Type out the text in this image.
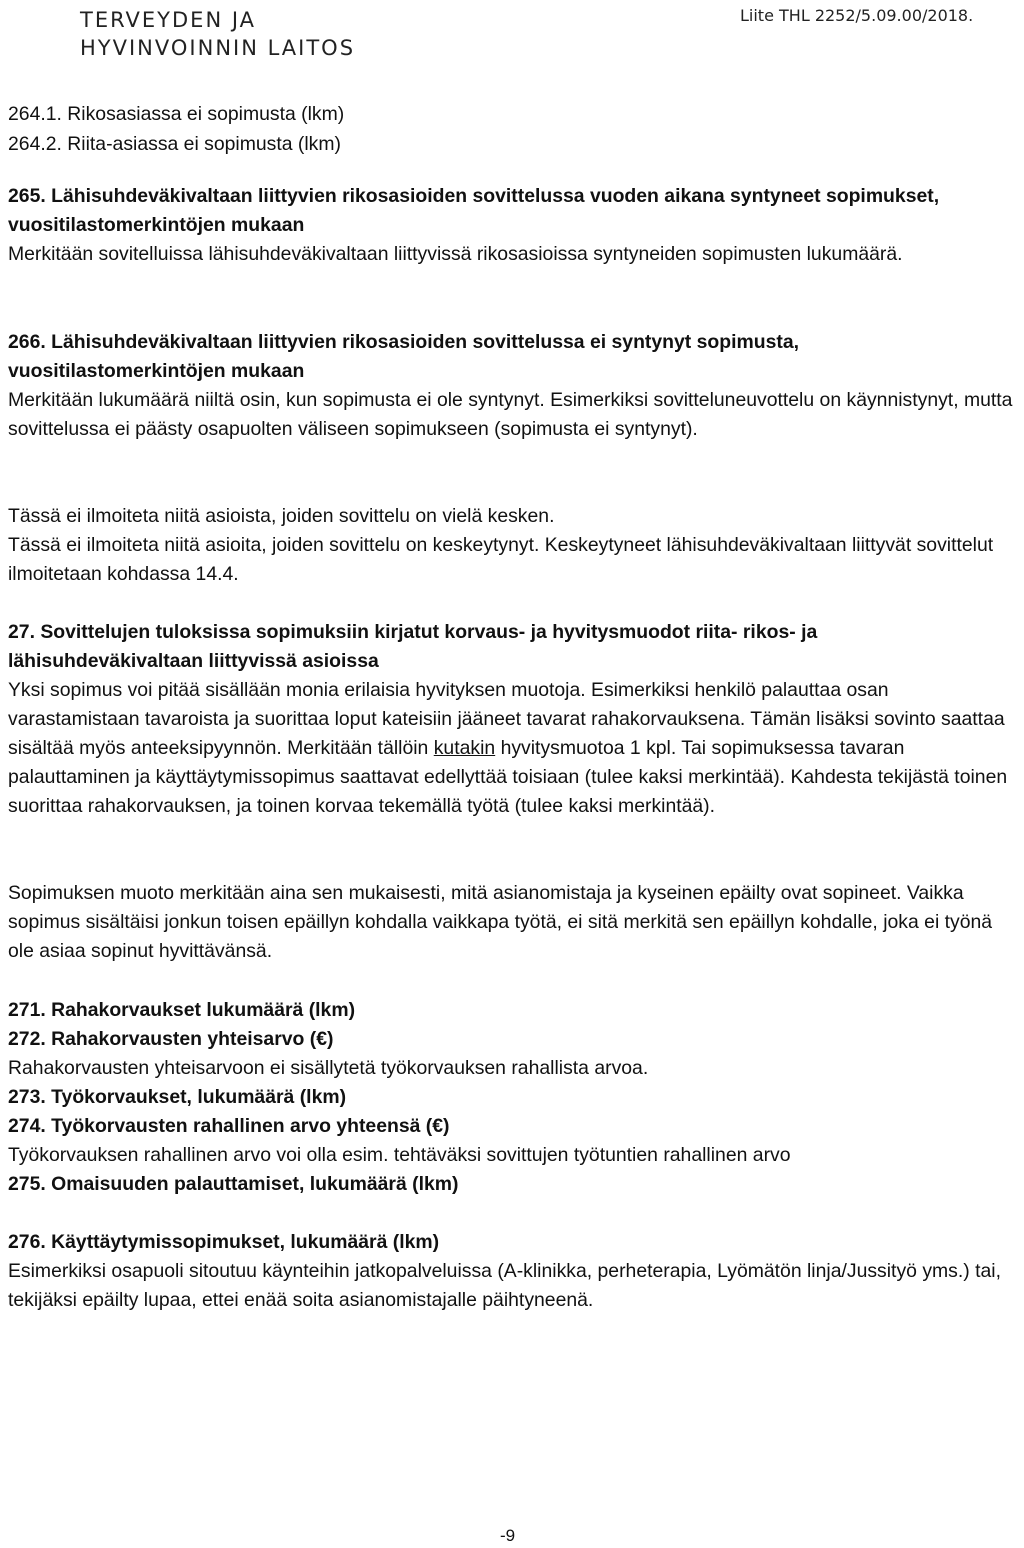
TERVEYDEN JA
HYVINVOINNIN LAITOS
Liite THL 2252/5.09.00/2018.

264.1. Rikosasiassa ei sopimusta (lkm)

264.2. Riita-asiassa ei sopimusta (lkm)

265. Lähisuhdeväkivaltaan liittyvien rikosasioiden sovittelussa vuoden aikana syntyneet sopimukset, vuositilastomerkintöjen mukaan

Merkitään sovitelluissa lähisuhdeväkivaltaan liittyvissä rikosasioissa syntyneiden sopimusten lukumäärä.

266. Lähisuhdeväkivaltaan liittyvien rikosasioiden sovittelussa ei syntynyt sopimusta, vuositilastomerkintöjen mukaan

Merkitään lukumäärä niiltä osin, kun sopimusta ei ole syntynyt. Esimerkiksi sovitteluneuvottelu on käynnistynyt, mutta sovittelussa ei päästy osapuolten väliseen sopimukseen (sopimusta ei syntynyt).

Tässä ei ilmoiteta niitä asioista, joiden sovittelu on vielä kesken.

Tässä ei ilmoiteta niitä asioita, joiden sovittelu on keskeytynyt. Keskeytyneet lähisuhdeväkivaltaan liittyvät sovittelut ilmoitetaan kohdassa 14.4.

27. Sovittelujen tuloksissa sopimuksiin kirjatut korvaus- ja hyvitysmuodot riita- rikos- ja lähisuhdeväkivaltaan liittyvissä asioissa

Yksi sopimus voi pitää sisällään monia erilaisia hyvityksen muotoja. Esimerkiksi henkilö palauttaa osan varastamistaan tavaroista ja suorittaa loput kateisiin jääneet tavarat rahakorvauksena. Tämän lisäksi sovinto saattaa sisältää myös anteeksipyynnön. Merkitään tällöin kutakin hyvitysmuotoa 1 kpl. Tai sopimuksessa tavaran palauttaminen ja käyttäytymissopimus saattavat edellyttää toisiaan (tulee kaksi merkintää). Kahdesta tekijästä toinen suorittaa rahakorvauksen, ja toinen korvaa tekemällä työtä (tulee kaksi merkintää).

Sopimuksen muoto merkitään aina sen mukaisesti, mitä asianomistaja ja kyseinen epäilty ovat sopineet. Vaikka sopimus sisältäisi jonkun toisen epäillyn kohdalla vaikkapa työtä, ei sitä merkitä sen epäillyn kohdalle, joka ei työnä ole asiaa sopinut hyvittävänsä.

271. Rahakorvaukset lukumäärä (lkm)

272. Rahakorvausten yhteisarvo (€)

Rahakorvausten yhteisarvoon ei sisällytetä työkorvauksen rahallista arvoa.

273. Työkorvaukset, lukumäärä (lkm)

274. Työkorvausten rahallinen arvo yhteensä (€)

Työkorvauksen rahallinen arvo voi olla esim. tehtäväksi sovittujen työtuntien rahallinen arvo

275. Omaisuuden palauttamiset, lukumäärä (lkm)

276. Käyttäytymissopimukset, lukumäärä (lkm)

Esimerkiksi osapuoli sitoutuu käynteihin jatkopalveluissa (A-klinikka, perheterapia, Lyömätön linja/Jussityö yms.) tai, tekijäksi epäilty lupaa, ettei enää soita asianomistajalle päihtyneenä.

-9
